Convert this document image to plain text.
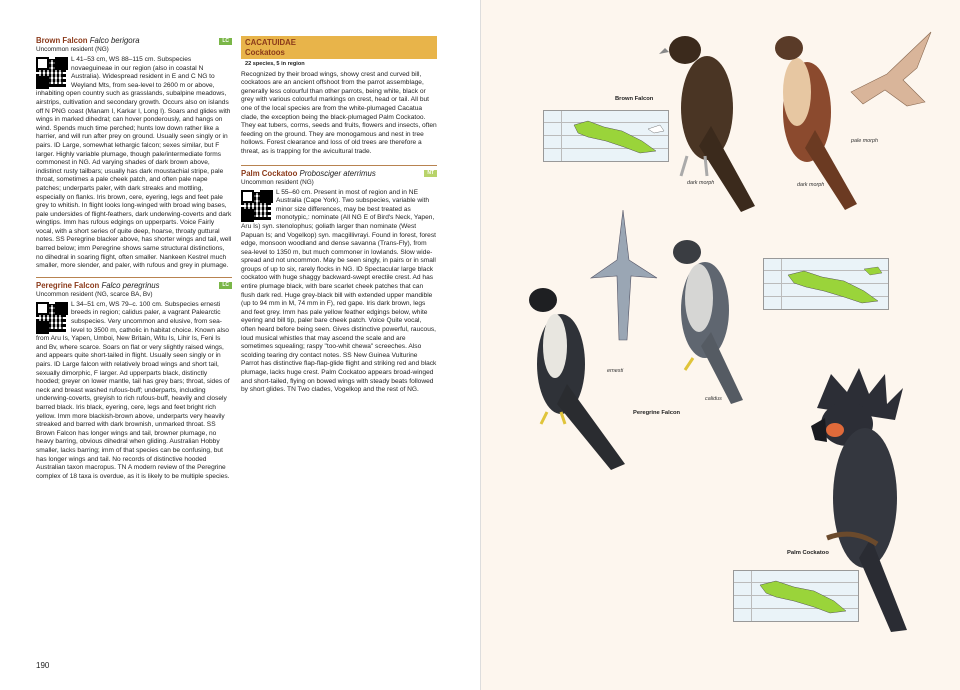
Brown Falcon Falco berigora	LC
Uncommon resident (NG)
L 41–53 cm, WS 88–115 cm. Subspecies novaeguineae in our region (also in coastal N Australia). Widespread resident in E and C NG to Weyland Mts, from sea-level to 2600 m or above, inhabiting open country such as grasslands, subalpine meadows, airstrips, cultivation and secondary growth. Occurs also on islands off N PNG coast (Manam I, Karkar I, Long I). Soars and glides with wings in marked dihedral; can hover ponderously, and hangs on wind. Spends much time perched; hunts low down rather like a harrier, and will run after prey on ground. Usually seen singly or in pairs. ID Large, somewhat lethargic falcon; sexes similar, but F larger. Highly variable plumage, though pale/intermediate forms commonest in NG. Ad varying shades of dark brown above, indistinct rusty tailbars; usually has dark moustachial stripe, pale throat, sometimes a pale cheek patch, and often pale nape patches; underparts paler, with dark streaks and mottling, especially on flanks. Iris brown, cere, eyering, legs and feet pale grey to whitish. In flight looks long-winged with broad wing bases, pale undersides of flight-feathers, dark underwing-coverts and dark wingtips. Imm has rufous edgings on upperparts. Voice Fairly vocal, with a short series of quite deep, hoarse, throaty guttural notes. SS Peregrine blacker above, has shorter wings and tail, well barred below; imm Peregrine shows same structural distinctions, no dihedral in soaring flight, often smaller. Nankeen Kestrel much smaller, more slender, and paler, with rufous and grey in plumage.
Peregrine Falcon Falco peregrinus	LC
Uncommon resident (NG, scarce BA, Bv)
L 34–51 cm, WS 79–c. 100 cm. Subspecies ernesti breeds in region; calidus paler, a vagrant Palearctic subspecies. Very uncommon and elusive, from sea-level to 3500 m, catholic in habitat choice. Known also from Aru Is, Yapen, Umboi, New Britain, Witu Is, Lihir Is, Feni Is and Bv, where scarce. Soars on flat or very slightly raised wings, and appears quite short-tailed in flight. Usually seen singly or in pairs. ID Large falcon with relatively broad wings and short tail, sexually dimorphic, F larger. Ad upperparts black, distinctly hooded; greyer on lower mantle, tail has grey bars; throat, sides of neck and breast washed rufous-buff; underparts, including underwing-coverts, greyish to rich rufous-buff, heavily and closely barred black. Iris black, eyering, cere, legs and feet bright rich yellow. Imm more blackish-brown above, underparts very heavily streaked and barred with dark brownish, unmarked throat. SS Brown Falcon has longer wings and tail, browner plumage, no heavy barring, obvious dihedral when gliding. Australian Hobby smaller, lacks barring; imm of that species can be confusing, but has longer wings and tail. No records of distinctive hooded Australian taxon macropus. TN A modern review of the Peregrine complex of 18 taxa is overdue, as it is likely to be multiple species.
CACATUIDAE
Cockatoos
22 species, 5 in region
Recognized by their broad wings, showy crest and curved bill, cockatoos are an ancient offshoot from the parrot assemblage, generally less colourful than other parrots, being white, black or grey with various colourful markings on crest, head or tail. All but one of the local species are from the white-plumaged Cacatua clade, the exception being the black-plumaged Palm Cockatoo. They eat tubers, corms, seeds and fruits, flowers and insects, often feeding on the ground. They are monogamous and nest in tree hollows. Forest clearance and loss of old trees are therefore a threat, as is trapping for the avicultural trade.
Palm Cockatoo Probosciger aterrimus	NT
Uncommon resident (NG)
L 55–60 cm. Present in most of region and in NE Australia (Cape York). Two subspecies, variable with minor size differences, may be best treated as monotypic,: nominate (All NG E of Bird's Neck, Yapen, Aru Is) syn. stenolophus; goliath larger than nominate (West Papuan Is; and Vogelkop) syn. macgillivrayi. Found in forest, forest edge, monsoon woodland and dense savanna (Trans-Fly), from sea-level to 1350 m, but much commoner in lowlands. Slow wide-spread and not uncommon. May be seen singly, in pairs or in small groups of up to six, rarely flocks in NG. ID Spectacular large black cockatoo with huge shaggy backward-swept erectile crest. Ad has entire plumage black, with bare scarlet cheek patches that can flush dark red. Huge grey-black bill with extended upper mandible (up to 94 mm in M, 74 mm in F), red gape. Iris dark brown, legs and feet grey. Imm has pale yellow feather edgings below, white eyering and bill tip, paler bare cheek patch. Voice Quite vocal, often heard before being seen. Gives distinctive powerful, raucous, loud musical whistles that may ascend the scale and are sometimes squealing; raspy "too-whit chewa" screeches. Also scolding tearing dry contact notes. SS New Guinea Vulturine Parrot has distinctive flap-flap-glide flight and striking red and black plumage, lacks huge crest. Palm Cockatoo appears broad-winged and short-tailed, flying on bowed wings with steady beats followed by short glides. TN Two clades, Vogelkop and the rest of NG.
190
Brown Falcon
dark morph	dark morph
pale morph
ernesti
calidus
Peregrine Falcon
Palm Cockatoo
